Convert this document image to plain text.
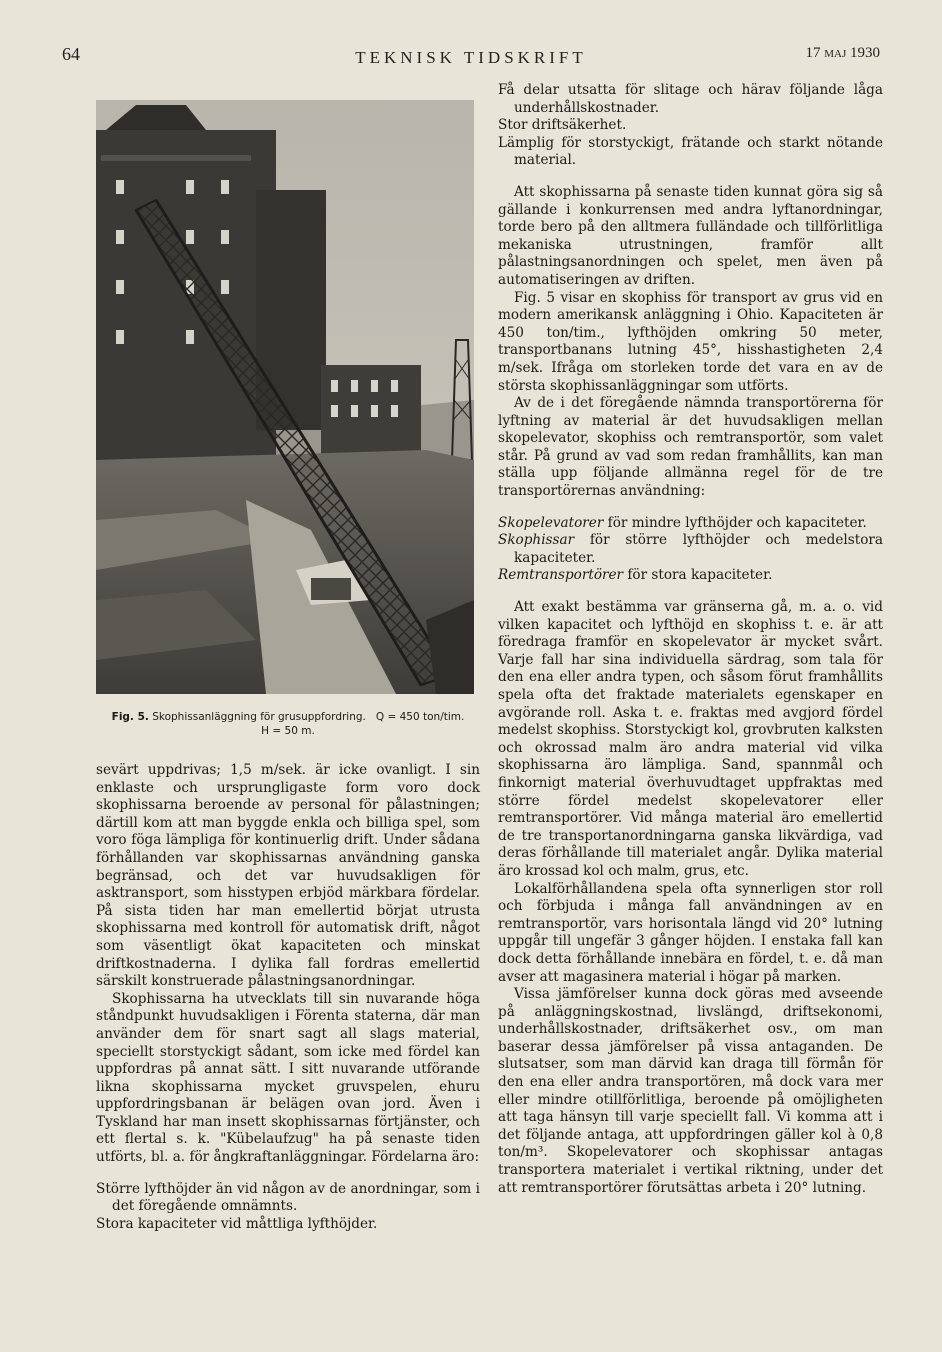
64	TEKNISK TIDSKRIFT	17 maj 1930
Fig. 5. Skophissanläggning för grusuppfordring. Q = 450 ton/tim.
H = 50 m.

sevärt uppdrivas; 1,5 m/sek. är icke ovanligt. I sin enklaste och ursprungligaste form voro dock skophissarna beroende av personal för pålastningen; därtill kom att man byggde enkla och billiga spel, som voro föga lämpliga för kontinuerlig drift. Under sådana förhållanden var skophissarnas användning ganska begränsad, och det var huvudsakligen för asktransport, som hisstypen erbjöd märkbara fördelar. På sista tiden har man emellertid börjat utrusta skophissarna med kontroll för automatisk drift, något som väsentligt ökat kapaciteten och minskat driftkostnaderna. I dylika fall fordras emellertid särskilt konstruerade pålastningsanordningar.

Skophissarna ha utvecklats till sin nuvarande höga ståndpunkt huvudsakligen i Förenta staterna, där man använder dem för snart sagt all slags material, speciellt storstyckigt sådant, som icke med fördel kan uppfordras på annat sätt. I sitt nuvarande utförande likna skophissarna mycket gruvspelen, ehuru uppfordringsbanan är belägen ovan jord. Även i Tyskland har man insett skophissarnas förtjänster, och ett flertal s. k. "Kübelaufzug" ha på senaste tiden utförts, bl. a. för ångkraftanläggningar. Fördelarna äro:

Större lyfthöjder än vid någon av de anordningar, som i det föregående omnämnts.

Stora kapaciteter vid måttliga lyfthöjder.

Få delar utsatta för slitage och härav följande låga underhållskostnader.

Stor driftsäkerhet.

Lämplig för storstyckigt, frätande och starkt nötande material.

Att skophissarna på senaste tiden kunnat göra sig så gällande i konkurrensen med andra lyftanordningar, torde bero på den alltmera fulländade och tillförlitliga mekaniska utrustningen, framför allt pålastningsanordningen och spelet, men även på automatiseringen av driften.

Fig. 5 visar en skophiss för transport av grus vid en modern amerikansk anläggning i Ohio. Kapaciteten är 450 ton/tim., lyfthöjden omkring 50 meter, transportbanans lutning 45°, hisshastigheten 2,4 m/sek. Ifråga om storleken torde det vara en av de största skophissanläggningar som utförts.

Av de i det föregående nämnda transportörerna för lyftning av material är det huvudsakligen mellan skopelevator, skophiss och remtransportör, som valet står. På grund av vad som redan framhållits, kan man ställa upp följande allmänna regel för de tre transportörernas användning:

Skopelevatorer för mindre lyfthöjder och kapaciteter.

Skophissar för större lyfthöjder och medelstora kapaciteter.

Remtransportörer för stora kapaciteter.

Att exakt bestämma var gränserna gå, m. a. o. vid vilken kapacitet och lyfthöjd en skophiss t. e. är att föredraga framför en skopelevator är mycket svårt. Varje fall har sina individuella särdrag, som tala för den ena eller andra typen, och såsom förut framhållits spela ofta det fraktade materialets egenskaper en avgörande roll. Aska t. e. fraktas med avgjord fördel medelst skophiss. Storstyckigt kol, grovbruten kalksten och okrossad malm äro andra material vid vilka skophissarna äro lämpliga. Sand, spannmål och finkornigt material överhuvudtaget uppfraktas med större fördel medelst skopelevatorer eller remtransportörer. Vid många material äro emellertid de tre transportanordningarna ganska likvärdiga, vad deras förhållande till materialet angår. Dylika material äro krossad kol och malm, grus, etc.

Lokalförhållandena spela ofta synnerligen stor roll och förbjuda i många fall användningen av en remtransportör, vars horisontala längd vid 20° lutning uppgår till ungefär 3 gånger höjden. I enstaka fall kan dock detta förhållande innebära en fördel, t. e. då man avser att magasinera material i högar på marken.

Vissa jämförelser kunna dock göras med avseende på anläggningskostnad, livslängd, driftsekonomi, underhållskostnader, driftsäkerhet osv., om man baserar dessa jämförelser på vissa antaganden. De slutsatser, som man därvid kan draga till förmån för den ena eller andra transportören, må dock vara mer eller mindre otillförlitliga, beroende på omöjligheten att taga hänsyn till varje speciellt fall. Vi komma att i det följande antaga, att uppfordringen gäller kol à 0,8 ton/m³. Skopelevatorer och skophissar antagas transportera materialet i vertikal riktning, under det att remtransportörer förutsättas arbeta i 20° lutning.
